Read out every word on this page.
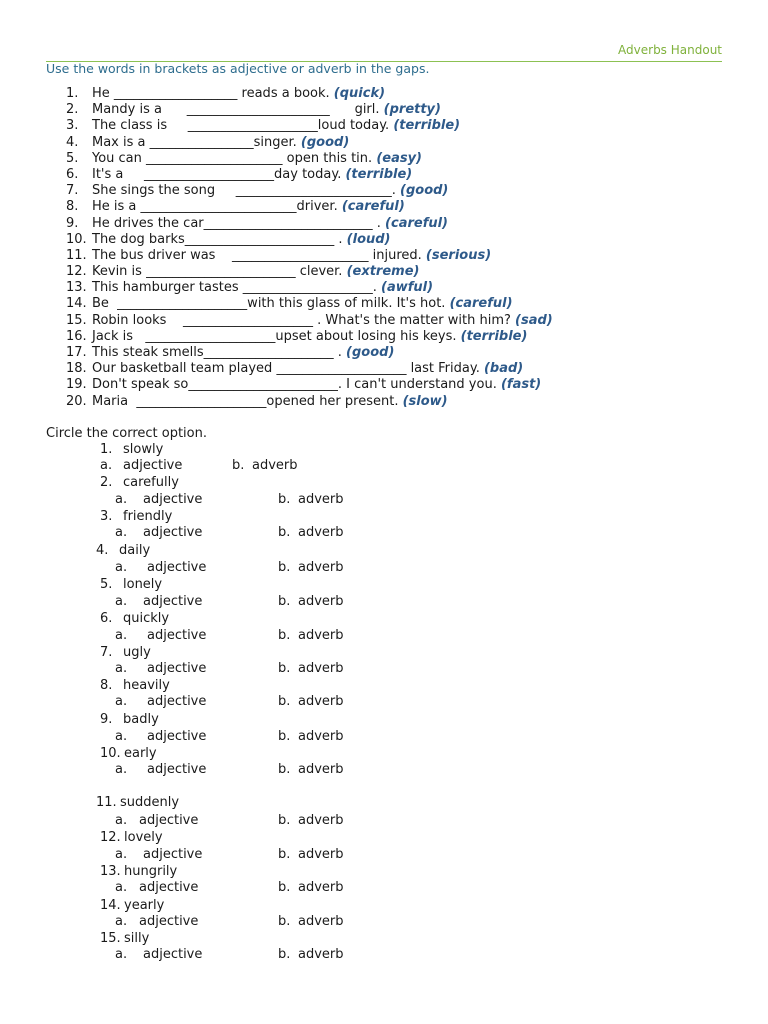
Adverbs Handout
Use the words in brackets as adjective or adverb in the gaps.
1.	He ___________________ reads a book. (quick)
2.	Mandy is a      ______________________      girl. (pretty)
3.	The class is     ____________________loud today. (terrible)
4.	Max is a ________________singer. (good)
5.	You can _____________________ open this tin. (easy)
6.	It's a     ____________________day today. (terrible)
7.	She sings the song     ________________________. (good)
8.	He is a ________________________driver. (careful)
9.	He drives the car__________________________ . (careful)
10. The dog barks_______________________ . (loud)
11. The bus driver was    _____________________ injured. (serious)
12. Kevin is _______________________ clever. (extreme)
13. This hamburger tastes ____________________. (awful)
14. Be  ____________________with this glass of milk. It's hot. (careful)
15. Robin looks    ____________________ . What's the matter with him? (sad)
16. Jack is   ____________________upset about losing his keys. (terrible)
17. This steak smells____________________ . (good)
18. Our basketball team played ____________________ last Friday. (bad)
19. Don't speak so_______________________. I can't understand you. (fast)
20. Maria  ____________________opened her present. (slow)
Circle the correct option.
1. slowly
a. adjective	b. adverb
2. carefully
a. adjective	b. adverb
3. friendly
a. adjective	b. adverb
4. daily
a. adjective	b. adverb
5. lonely
a. adjective	b. adverb
6. quickly
a. adjective	b. adverb
7. ugly
a. adjective	b. adverb
8. heavily
a. adjective	b. adverb
9. badly
a. adjective	b. adverb
10. early
a. adjective	b. adverb
11. suddenly
a. adjective	b. adverb
12. lovely
a. adjective	b. adverb
13. hungrily
a. adjective	b. adverb
14. yearly
a. adjective	b. adverb
15. silly
a. adjective	b. adverb
